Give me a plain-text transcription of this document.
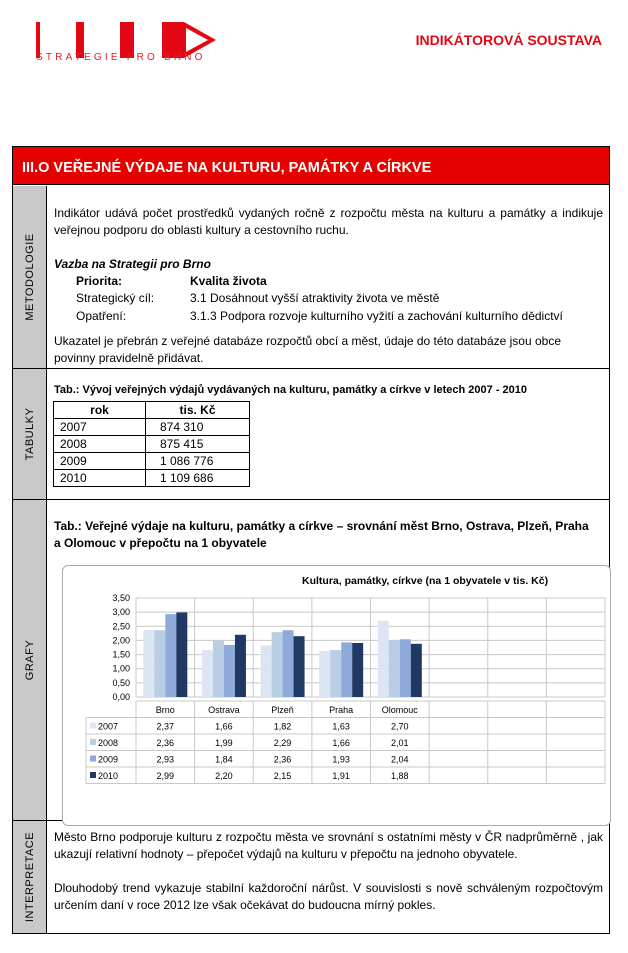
STRATEGIE PRO BRNO
INDIKÁTOROVÁ SOUSTAVA
III.O VEŘEJNÉ VÝDAJE NA KULTURU, PAMÁTKY A CÍRKVE
METODOLOGIE
TABULKY
GRAFY
INTERPRETACE
Indikátor udává počet prostředků vydaných ročně z rozpočtu města na kulturu a památky a indikuje veřejnou podporu do oblasti kultury a cestovního ruchu.
Vazba na Strategii pro Brno
Priorita:	Kvalita života
Strategický cíl:	3.1 Dosáhnout vyšší atraktivity života ve městě
Opatření:	3.1.3 Podpora rozvoje kulturního vyžití a zachování kulturního dědictví
Ukazatel je přebrán z veřejné databáze rozpočtů obcí a měst, údaje do této databáze jsou obce povinny pravidelně přidávat.
Tab.: Vývoj veřejných výdajů vydávaných na kulturu, památky a církve v letech 2007 - 2010
rok	tis. Kč
2007	874 310
2008	875 415
2009	1 086 776
2010	1 109 686
Tab.: Veřejné výdaje na kulturu, památky a církve – srovnání měst Brno, Ostrava, Plzeň, Praha a Olomouc v přepočtu na 1 obyvatele
Kultura, památky, církve (na 1 obyvatele v tis. Kč)
0,00
0,50
1,00
1,50
2,00
2,50
3,00
3,50
Brno	Ostrava	Plzeň	Praha	Olomouc
2007	2,37	1,66	1,82	1,63	2,70
2008	2,36	1,99	2,29	1,66	2,01
2009	2,93	1,84	2,36	1,93	2,04
2010	2,99	2,20	2,15	1,91	1,88
Město Brno podporuje kulturu z rozpočtu města ve srovnání s ostatními městy v ČR nadprůměrně , jak ukazují relativní hodnoty – přepočet výdajů na kulturu v přepočtu na jednoho obyvatele.
Dlouhodobý trend vykazuje stabilní každoroční nárůst. V souvislosti s nově schváleným rozpočtovým určením daní v roce 2012 lze však očekávat do budoucna mírný pokles.
